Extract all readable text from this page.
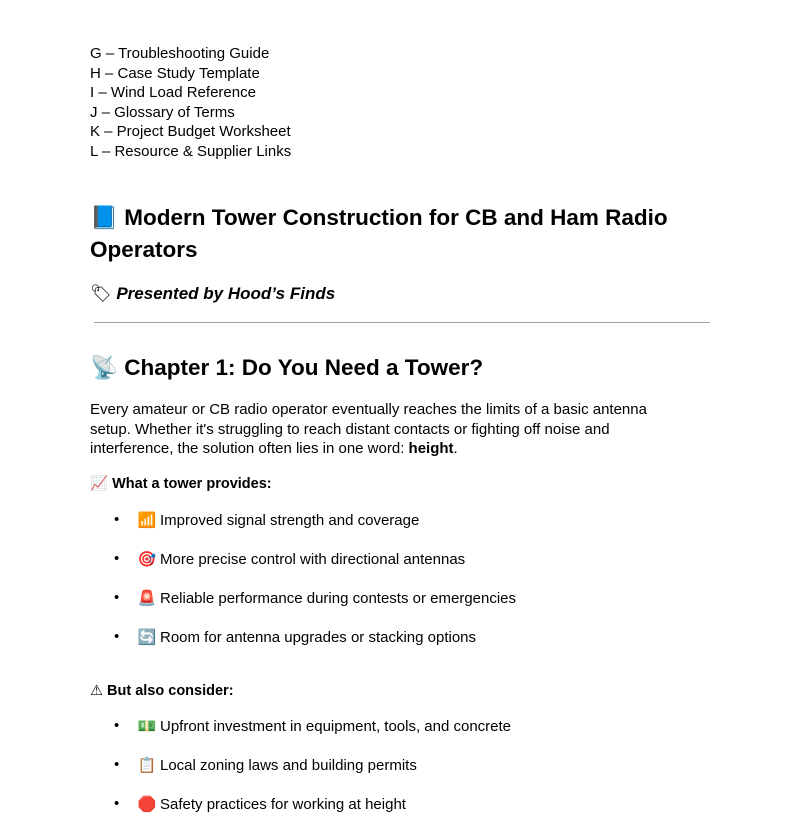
G – Troubleshooting Guide
H – Case Study Template
I – Wind Load Reference
J – Glossary of Terms
K – Project Budget Worksheet
L – Resource & Supplier Links
📘 Modern Tower Construction for CB and Ham Radio Operators
🏷 Presented by Hood’s Finds
📡 Chapter 1: Do You Need a Tower?

Every amateur or CB radio operator eventually reaches the limits of a basic antenna setup. Whether it's struggling to reach distant contacts or fighting off noise and interference, the solution often lies in one word: height.

📈 What a tower provides:
• 📶 Improved signal strength and coverage
• 🎯 More precise control with directional antennas
• 🚨 Reliable performance during contests or emergencies
• 🔄 Room for antenna upgrades or stacking options
⚠ But also consider:
• 💵 Upfront investment in equipment, tools, and concrete
• 📋 Local zoning laws and building permits
• 🛑 Safety practices for working at height
